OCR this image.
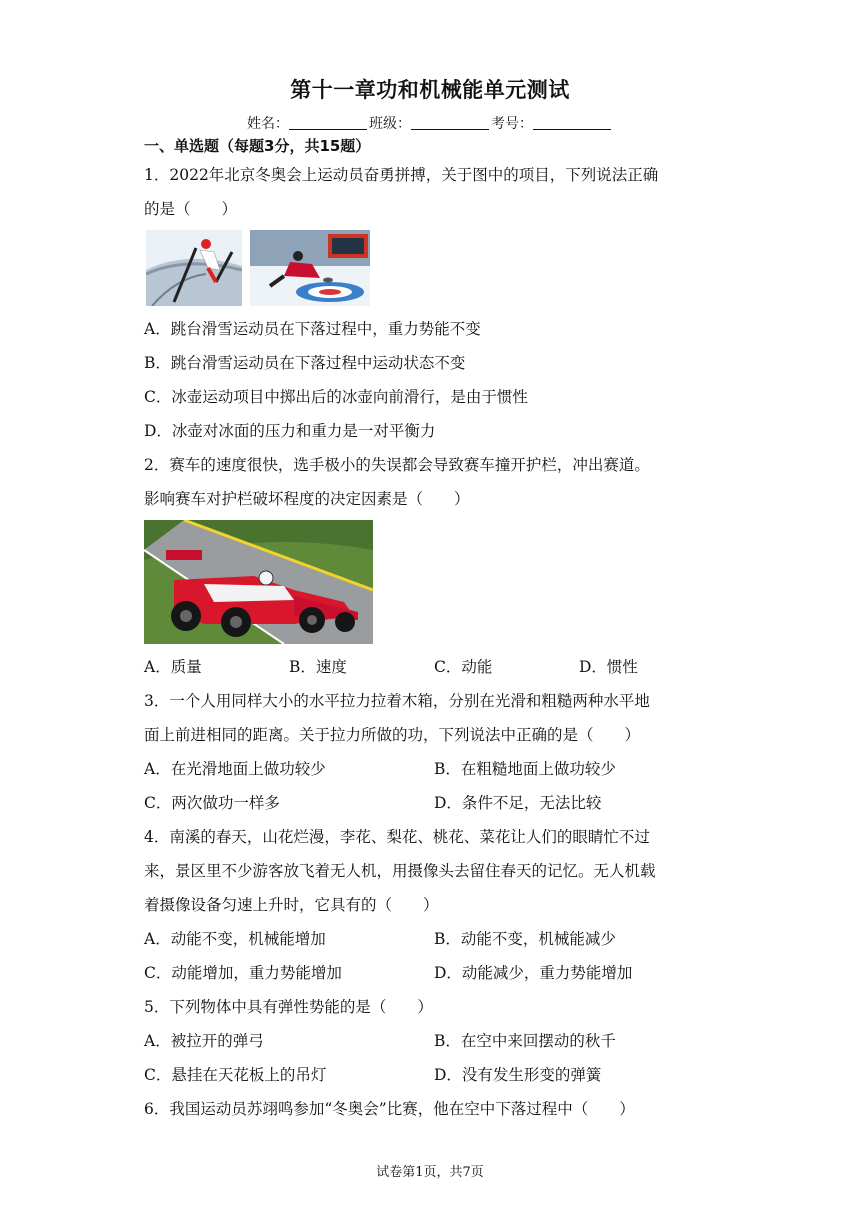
第十一章功和机械能单元测试
姓名：	班级：	考号：
一、单选题（每题3分，共15题）
1．2022年北京冬奥会上运动员奋勇拼搏，关于图中的项目，下列说法正确
的是（　　）
A．跳台滑雪运动员在下落过程中，重力势能不变
B．跳台滑雪运动员在下落过程中运动状态不变
C．冰壶运动项目中掷出后的冰壶向前滑行，是由于惯性
D．冰壶对冰面的压力和重力是一对平衡力
2．赛车的速度很快，选手极小的失误都会导致赛车撞开护栏，冲出赛道。
影响赛车对护栏破坏程度的决定因素是（　　）
A．质量	B．速度	C．动能	D．惯性
3．一个人用同样大小的水平拉力拉着木箱，分别在光滑和粗糙两种水平地
面上前进相同的距离。关于拉力所做的功，下列说法中正确的是（　　）
A．在光滑地面上做功较少	B．在粗糙地面上做功较少
C．两次做功一样多	D．条件不足，无法比较
4．南溪的春天，山花烂漫，李花、梨花、桃花、菜花让人们的眼睛忙不过
来，景区里不少游客放飞着无人机，用摄像头去留住春天的记忆。无人机载
着摄像设备匀速上升时，它具有的（　　）
A．动能不变，机械能增加	B．动能不变，机械能减少
C．动能增加，重力势能增加	D．动能减少，重力势能增加
5．下列物体中具有弹性势能的是（　　）
A．被拉开的弹弓	B．在空中来回摆动的秋千
C．悬挂在天花板上的吊灯	D．没有发生形变的弹簧
6．我国运动员苏翊鸣参加“冬奥会”比赛，他在空中下落过程中（　　）
试卷第1页，共7页
